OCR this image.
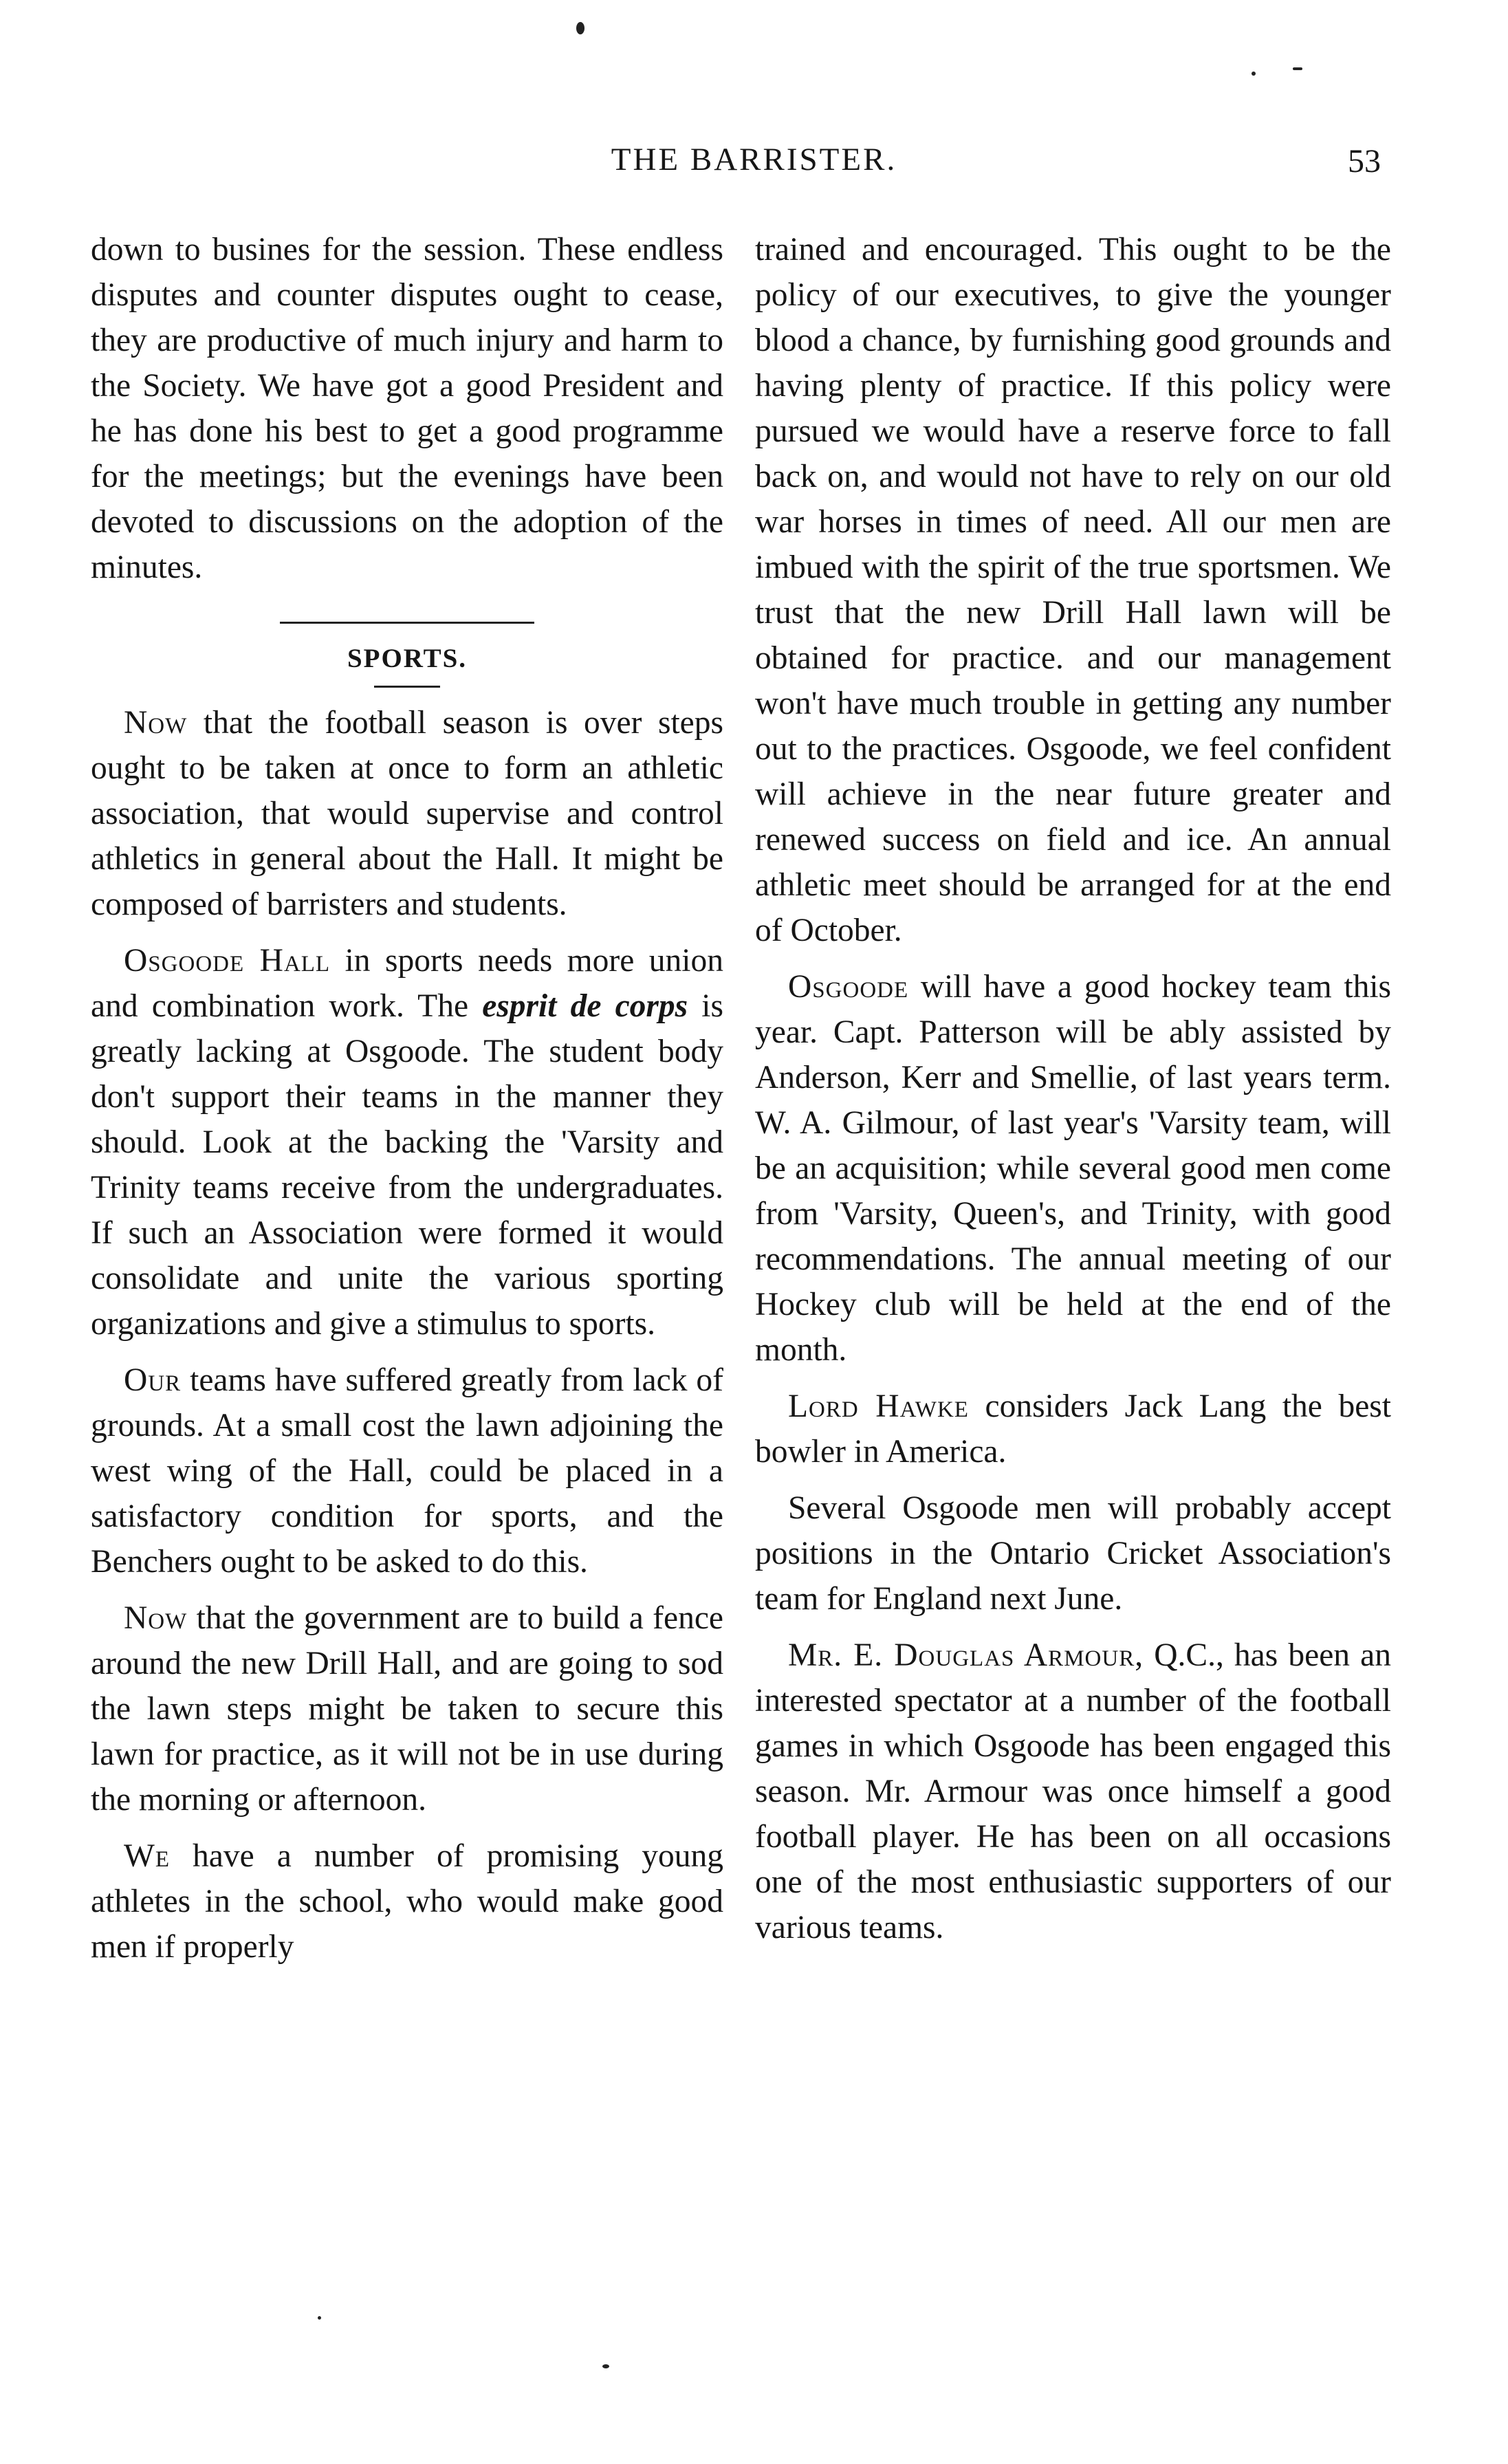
THE BARRISTER.	53

down to busines for the session. These endless disputes and counter disputes ought to cease, they are productive of much injury and harm to the Society. We have got a good President and he has done his best to get a good programme for the meetings; but the evenings have been devoted to discussions on the adoption of the minutes.

SPORTS.

Now that the football season is over steps ought to be taken at once to form an athletic association, that would supervise and control athletics in general about the Hall. It might be composed of barristers and students.

Osgoode Hall in sports needs more union and combination work. The esprit de corps is greatly lacking at Osgoode. The student body don't support their teams in the manner they should. Look at the backing the 'Varsity and Trinity teams receive from the undergraduates. If such an Association were formed it would consolidate and unite the various sporting organizations and give a stimulus to sports.

Our teams have suffered greatly from lack of grounds. At a small cost the lawn adjoining the west wing of the Hall, could be placed in a satisfactory condition for sports, and the Benchers ought to be asked to do this.

Now that the government are to build a fence around the new Drill Hall, and are going to sod the lawn steps might be taken to secure this lawn for practice, as it will not be in use during the morning or afternoon.

We have a number of promising young athletes in the school, who would make good men if properly

trained and encouraged. This ought to be the policy of our executives, to give the younger blood a chance, by furnishing good grounds and having plenty of practice. If this policy were pursued we would have a reserve force to fall back on, and would not have to rely on our old war horses in times of need. All our men are imbued with the spirit of the true sportsmen. We trust that the new Drill Hall lawn will be obtained for practice. and our management won't have much trouble in getting any number out to the practices. Osgoode, we feel confident will achieve in the near future greater and renewed success on field and ice. An annual athletic meet should be arranged for at the end of October.

Osgoode will have a good hockey team this year. Capt. Patterson will be ably assisted by Anderson, Kerr and Smellie, of last years term. W. A. Gilmour, of last year's 'Varsity team, will be an acquisition; while several good men come from 'Varsity, Queen's, and Trinity, with good recommendations. The annual meeting of our Hockey club will be held at the end of the month.

Lord Hawke considers Jack Lang the best bowler in America.

Several Osgoode men will probably accept positions in the Ontario Cricket Association's team for England next June.

Mr. E. Douglas Armour, Q.C., has been an interested spectator at a number of the football games in which Osgoode has been engaged this season. Mr. Armour was once himself a good football player. He has been on all occasions one of the most enthusiastic supporters of our various teams.
